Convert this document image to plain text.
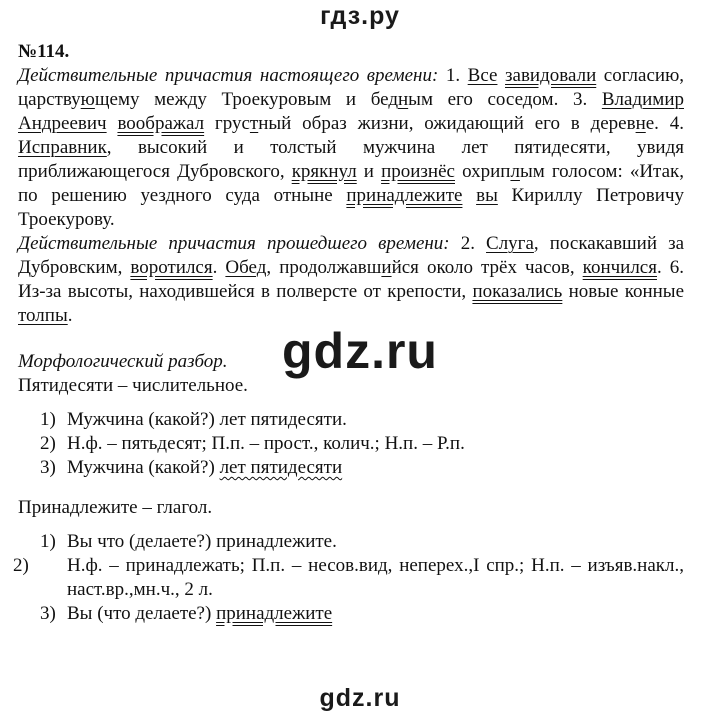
гдз.ру
№114.

Действительные причастия настоящего времени: 1. Все завидовали согласию, царствующему между Троекуровым и бедным его соседом. 3. Владимир Андреевич воображал грустный образ жизни, ожидающий его в деревне. 4. Исправник, высокий и толстый мужчина лет пятидесяти, увидя приближающегося Дубровского, крякнул и произнёс охриплым голосом: «Итак, по решению уездного суда отныне принадлежите вы Кириллу Петровичу Троекурову.

Действительные причастия прошедшего времени: 2. Слуга, поскакавший за Дубровским, воротился. Обед, продолжавшийся около трёх часов, кончился. 6. Из-за высоты, находившейся в полверсте от крепости, показались новые конные толпы.

Морфологический разбор.

Пятидесяти – числительное.

1) Мужчина (какой?) лет пятидесяти.
2) Н.ф. – пятьдесят; П.п. – прост., колич.; Н.п. – Р.п.
3) Мужчина (какой?) лет пятидесяти

Принадлежите – глагол.

1) Вы что (делаете?) принадлежите.
2) Н.ф. – принадлежать; П.п. – несов.вид, неперех.,I спр.; Н.п. – изъяв.накл., наст.вр.,мн.ч., 2 л.
3) Вы (что делаете?) принадлежите
gdz.ru
gdz.ru
